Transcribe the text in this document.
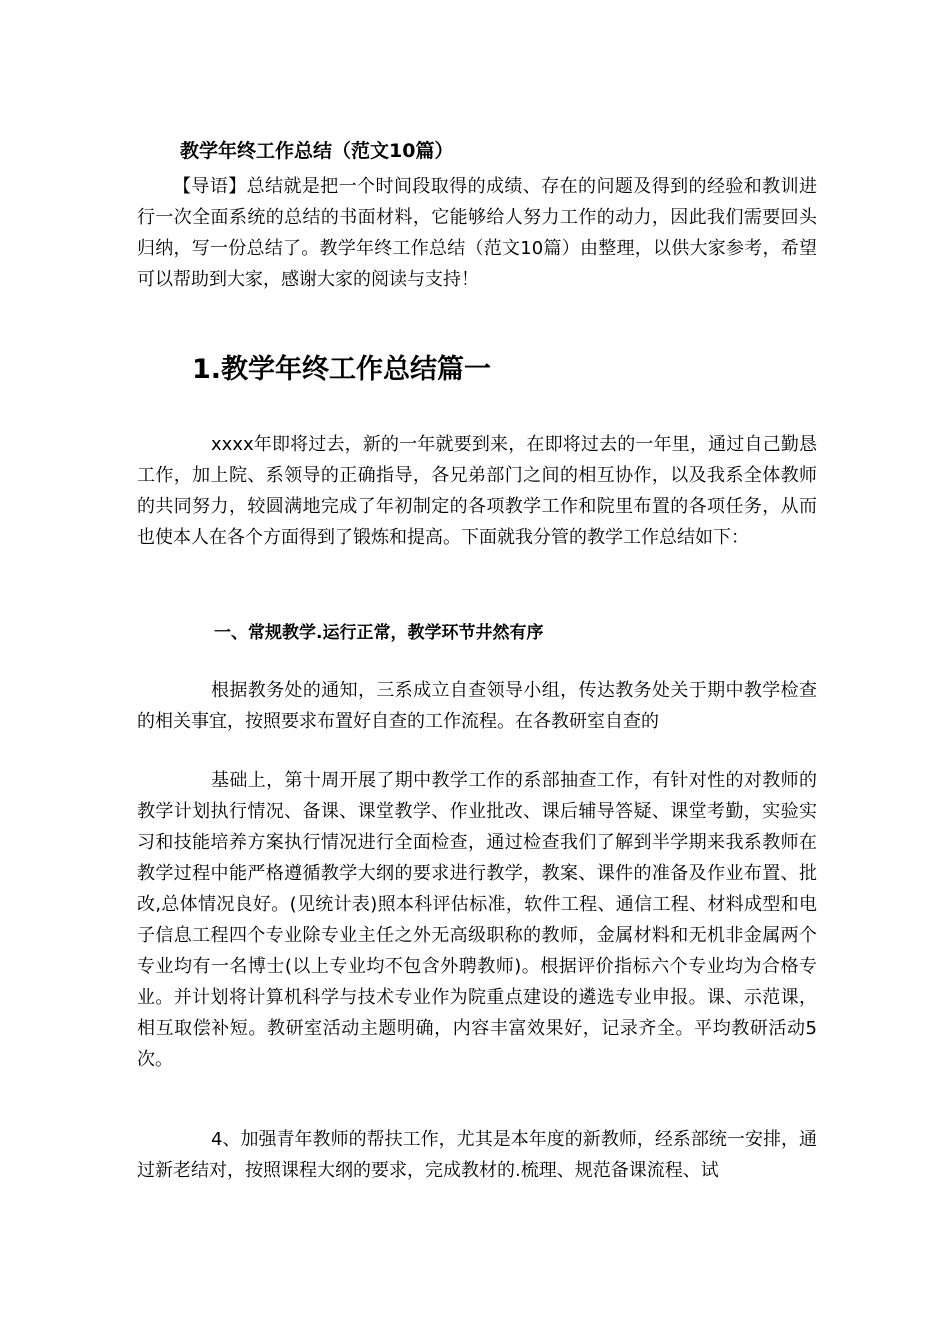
教学年终工作总结（范文10篇）

【导语】总结就是把一个时间段取得的成绩、存在的问题及得到的经验和教训进行一次全面系统的总结的书面材料，它能够给人努力工作的动力，因此我们需要回头归纳，写一份总结了。教学年终工作总结（范文10篇）由整理，以供大家参考，希望可以帮助到大家，感谢大家的阅读与支持！

1.教学年终工作总结篇一

xxxx年即将过去，新的一年就要到来，在即将过去的一年里，通过自己勤恳工作，加上院、系领导的正确指导，各兄弟部门之间的相互协作，以及我系全体教师的共同努力，较圆满地完成了年初制定的各项教学工作和院里布置的各项任务，从而也使本人在各个方面得到了锻炼和提高。下面就我分管的教学工作总结如下：

一、常规教学.运行正常，教学环节井然有序

根据教务处的通知，三系成立自查领导小组，传达教务处关于期中教学检查的相关事宜，按照要求布置好自查的工作流程。在各教研室自查的

基础上，第十周开展了期中教学工作的系部抽查工作，有针对性的对教师的教学计划执行情况、备课、课堂教学、作业批改、课后辅导答疑、课堂考勤，实验实习和技能培养方案执行情况进行全面检查，通过检查我们了解到半学期来我系教师在教学过程中能严格遵循教学大纲的要求进行教学，教案、课件的准备及作业布置、批改,总体情况良好。(见统计表)照本科评估标准，软件工程、通信工程、材料成型和电子信息工程四个专业除专业主任之外无高级职称的教师，金属材料和无机非金属两个专业均有一名博士(以上专业均不包含外聘教师)。根据评价指标六个专业均为合格专业。并计划将计算机科学与技术专业作为院重点建设的遴选专业申报。课、示范课，相互取偿补短。教研室活动主题明确，内容丰富效果好，记录齐全。平均教研活动5次。

4、加强青年教师的帮扶工作，尤其是本年度的新教师，经系部统一安排，通过新老结对，按照课程大纲的要求，完成教材的.梳理、规范备课流程、试
